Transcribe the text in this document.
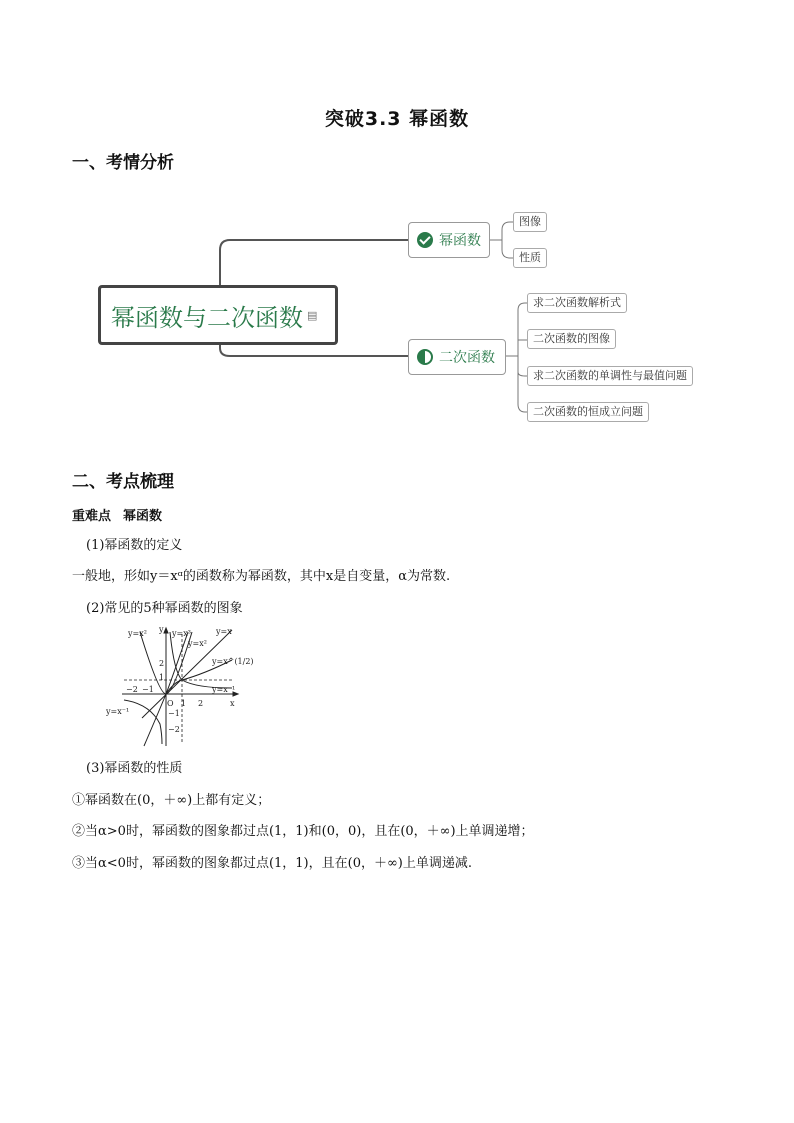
突破3.3 幂函数
一、考情分析
幂函数与二次函数 ▤
幂函数
图像
性质
二次函数
求二次函数解析式
二次函数的图像
求二次函数的单调性与最值问题
二次函数的恒成立问题
二、考点梳理
重难点 幂函数
(1)幂函数的定义
一般地，形如y＝xᵅ的函数称为幂函数，其中x是自变量，α为常数.
(2)常见的5种幂函数的图象
y=x²	y=x³
y=x²
y=x
y=x^(1/2)
y=x⁻¹
y=x⁻¹
x
y
O
−2 −1
1 2
2
1
−1
−2
(3)幂函数的性质
①幂函数在(0，＋∞)上都有定义；
②当α>0时，幂函数的图象都过点(1，1)和(0，0)，且在(0，＋∞)上单调递增；
③当α<0时，幂函数的图象都过点(1，1)，且在(0，＋∞)上单调递减.
